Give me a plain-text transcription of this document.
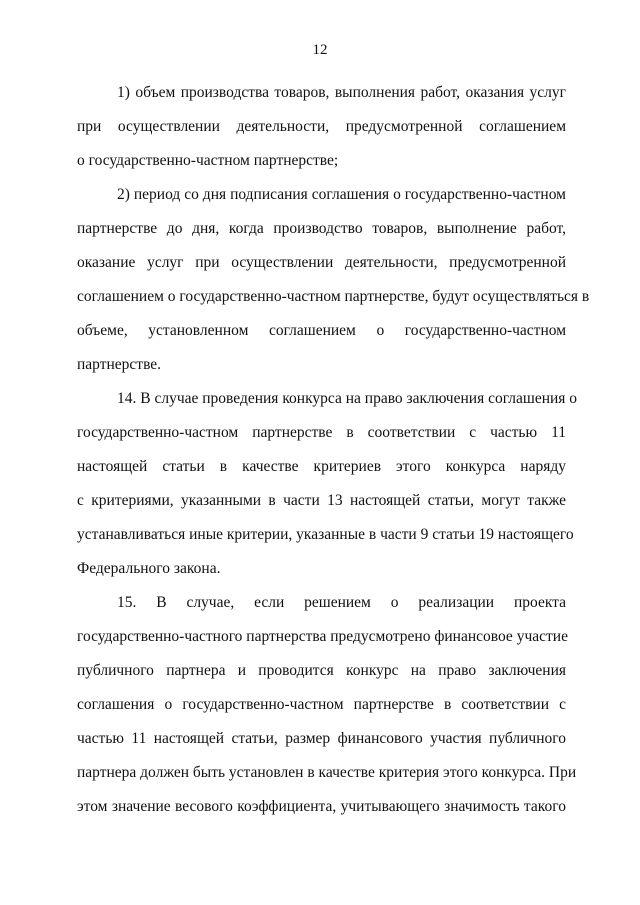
12
1) объем производства товаров, выполнения работ, оказания услуг
при осуществлении деятельности, предусмотренной соглашением
о государственно-частном партнерстве;
2) период со дня подписания соглашения о государственно-частном
партнерстве до дня, когда производство товаров, выполнение работ,
оказание услуг при осуществлении деятельности, предусмотренной
соглашением о государственно-частном партнерстве, будут осуществляться в
объеме, установленном соглашением о государственно-частном
партнерстве.
14. В случае проведения конкурса на право заключения соглашения о
государственно-частном партнерстве в соответствии с частью 11
настоящей статьи в качестве критериев этого конкурса наряду
с критериями, указанными в части 13 настоящей статьи, могут также
устанавливаться иные критерии, указанные в части 9 статьи 19 настоящего
Федерального закона.
15. В случае, если решением о реализации проекта
государственно-частного партнерства предусмотрено финансовое участие
публичного партнера и проводится конкурс на право заключения
соглашения о государственно-частном партнерстве в соответствии с
частью 11 настоящей статьи, размер финансового участия публичного
партнера должен быть установлен в качестве критерия этого конкурса. При
этом значение весового коэффициента, учитывающего значимость такого
